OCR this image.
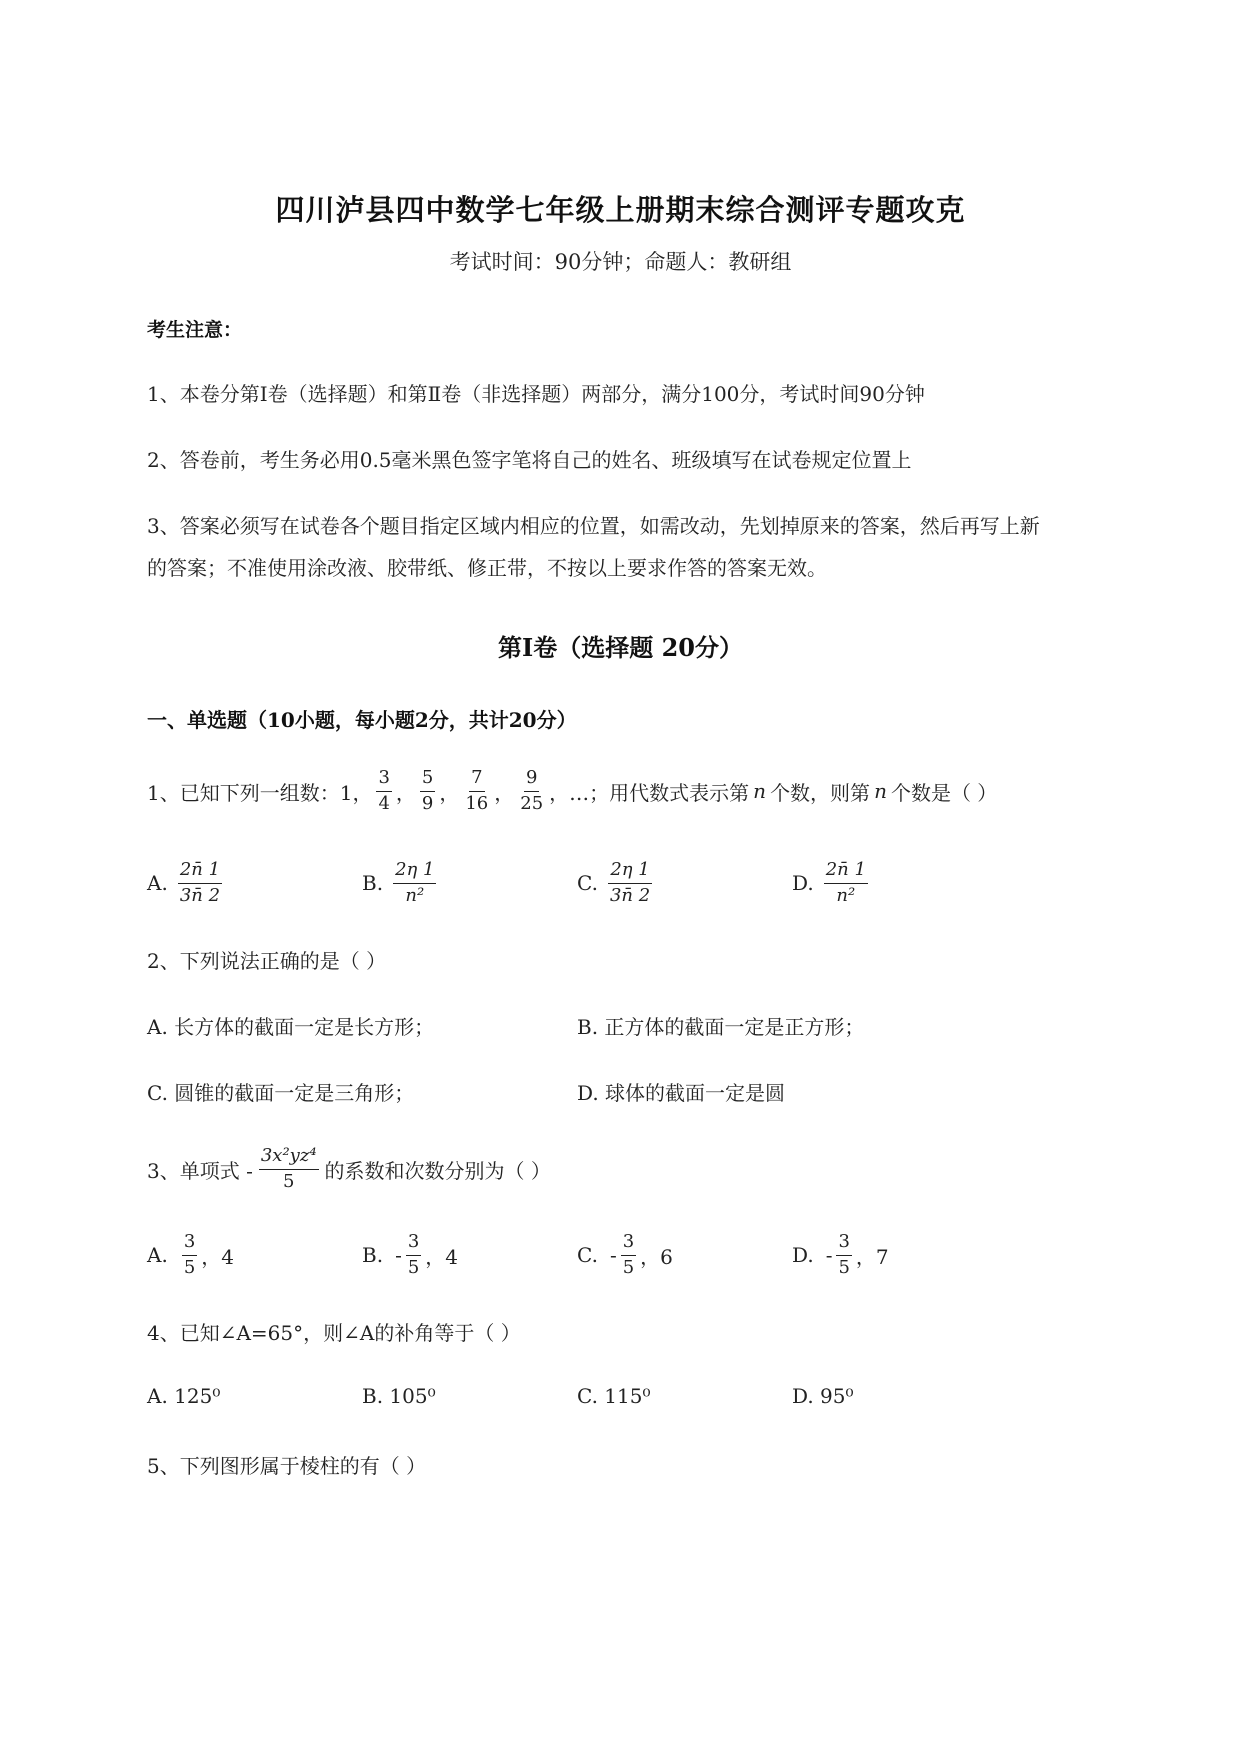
四川泸县四中数学七年级上册期末综合测评专题攻克
考试时间：90分钟；命题人：教研组
考生注意：
1、本卷分第I卷（选择题）和第Ⅱ卷（非选择题）两部分，满分100分，考试时间90分钟
2、答卷前，考生务必用0.5毫米黑色签字笔将自己的姓名、班级填写在试卷规定位置上
3、答案必须写在试卷各个题目指定区域内相应的位置，如需改动，先划掉原来的答案，然后再写上新
的答案；不准使用涂改液、胶带纸、修正带，不按以上要求作答的答案无效。
第I卷（选择题 20分）
一、单选题（10小题，每小题2分，共计20分）
1、已知下列一组数：1， $\frac{3}{4}$ ， $\frac{5}{9}$ ， $\frac{7}{16}$ ， $\frac{9}{25}$ ，…；用代数式表示第 n 个数，则第 n 个数是（ ）
A. $\frac{2n̄ 1}{3n̄ 2}$	B. $\frac{2\eta 1}{\text{n²}}$	C. $\frac{2\eta 1}{3n̄ 2}$	D. $\frac{2n̄ 1}{\text{n²}}$
2、下列说法正确的是（ ）
A. 长方体的截面一定是长方形；	B. 正方体的截面一定是正方形；
C. 圆锥的截面一定是三角形；	D. 球体的截面一定是圆
3、单项式 - $\frac{\text{3x²yz⁴}}{5}$ 的系数和次数分别为（ ）
A. $\frac{3}{5}$ ，4	B. - $\frac{3}{5}$ ，4	C. - $\frac{3}{5}$ ，6	D. - $\frac{3}{5}$ ，7
4、已知∠A=65°，则∠A的补角等于（ ）
A. 125⁰	B. 105⁰	C. 115⁰	D. 95⁰
5、下列图形属于棱柱的有（ ）
